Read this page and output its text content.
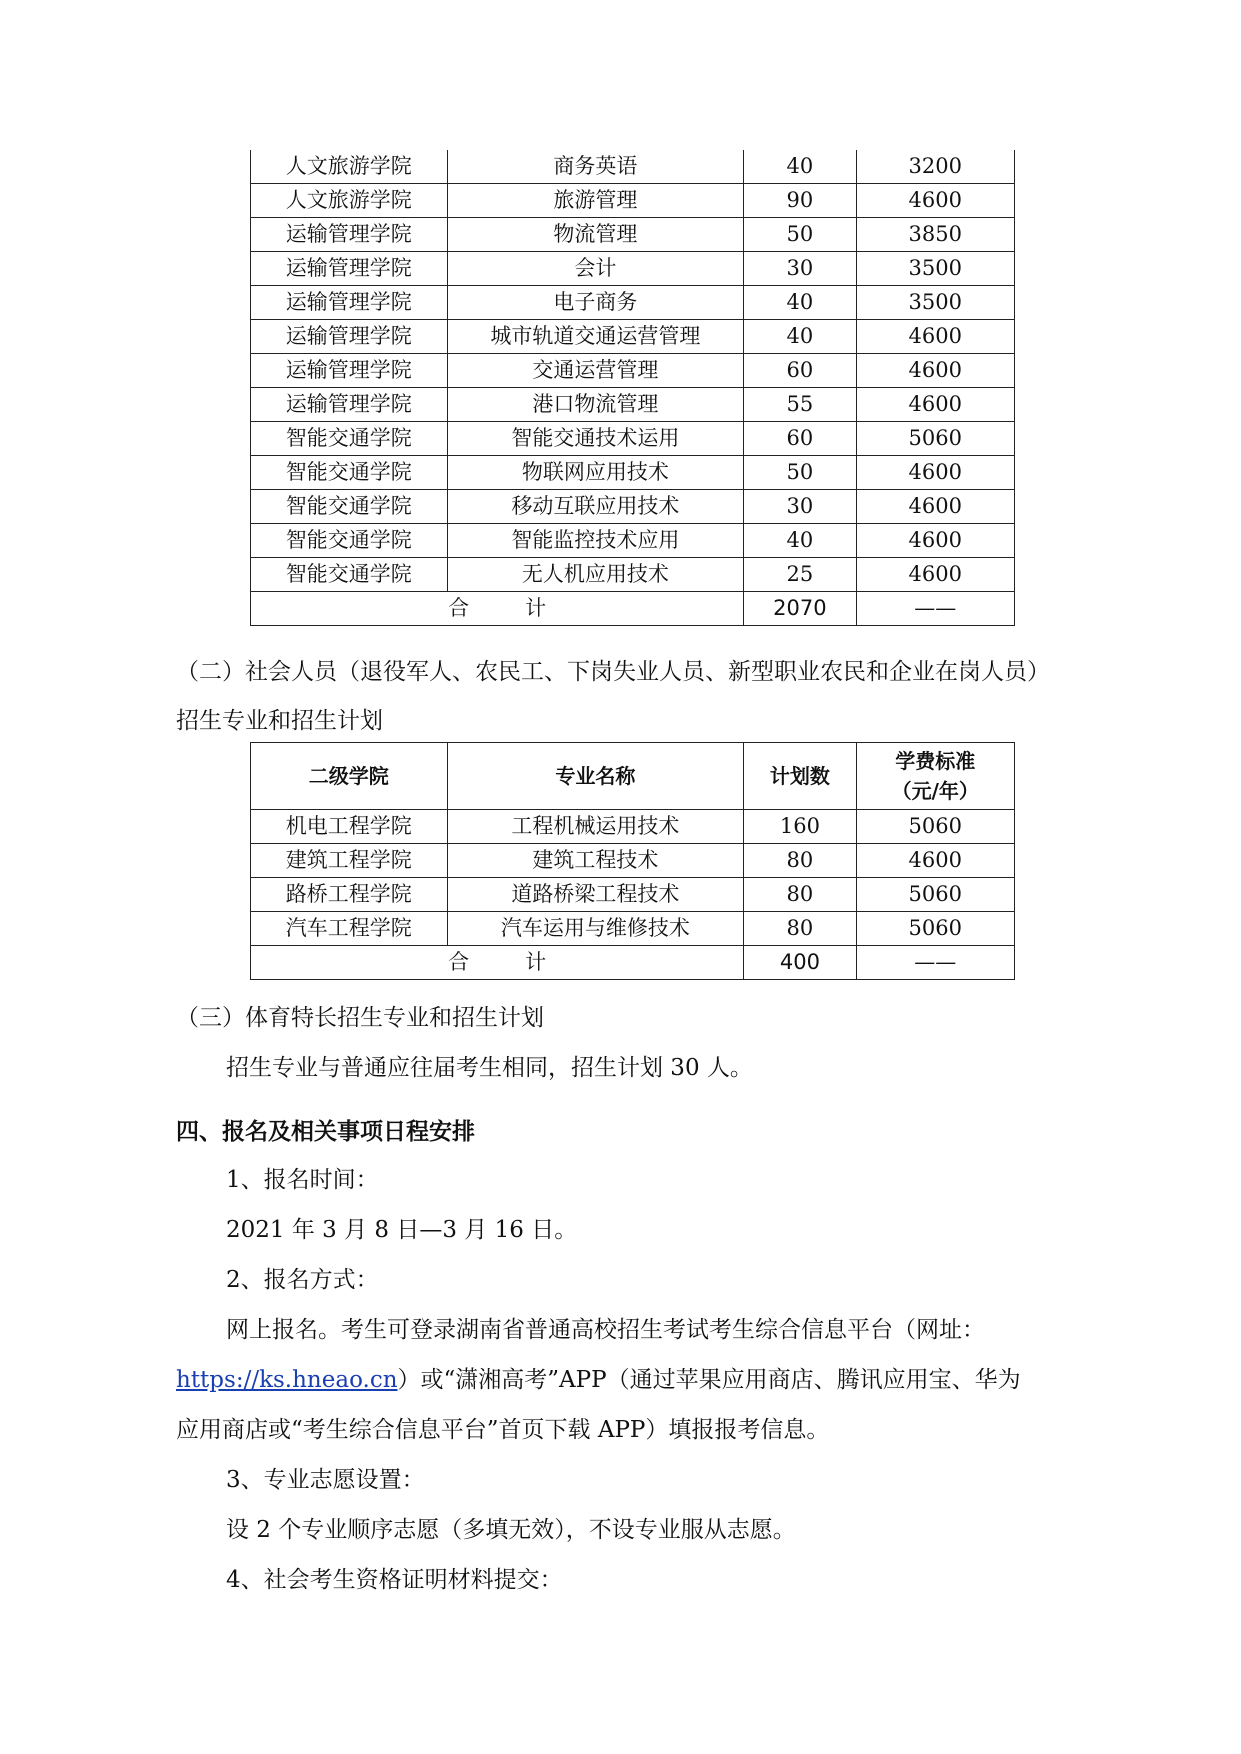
人文旅游学院	商务英语	40	3200
人文旅游学院	旅游管理	90	4600
运输管理学院	物流管理	50	3850
运输管理学院	会计	30	3500
运输管理学院	电子商务	40	3500
运输管理学院	城市轨道交通运营管理	40	4600
运输管理学院	交通运营管理	60	4600
运输管理学院	港口物流管理	55	4600
智能交通学院	智能交通技术运用	60	5060
智能交通学院	物联网应用技术	50	4600
智能交通学院	移动互联应用技术	30	4600
智能交通学院	智能监控技术应用	40	4600
智能交通学院	无人机应用技术	25	4600
合计		2070	——
（二）社会人员（退役军人、农民工、下岗失业人员、新型职业农民和企业在岗人员）
招生专业和招生计划
二级学院	专业名称	计划数	学费标准
（元/年）

机电工程学院	工程机械运用技术	160	5060
建筑工程学院	建筑工程技术	80	4600
路桥工程学院	道路桥梁工程技术	80	5060
汽车工程学院	汽车运用与维修技术	80	5060
合计		400	——
（三）体育特长招生专业和招生计划
招生专业与普通应往届考生相同，招生计划 30 人。
四、报名及相关事项日程安排
1、报名时间：
2021 年 3 月 8 日—3 月 16 日。
2、报名方式：
网上报名。考生可登录湖南省普通高校招生考试考生综合信息平台（网址：
https://ks.hneao.cn）或“潇湘高考”APP（通过苹果应用商店、腾讯应用宝、华为
应用商店或“考生综合信息平台”首页下载 APP）填报报考信息。
3、专业志愿设置：
设 2 个专业顺序志愿（多填无效），不设专业服从志愿。
4、社会考生资格证明材料提交：
